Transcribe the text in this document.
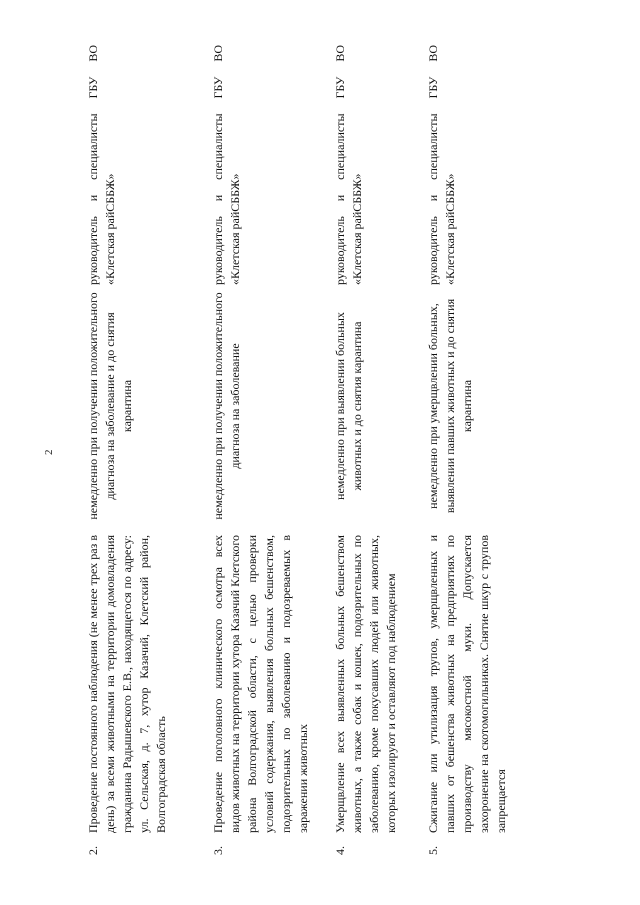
2
2.
Проведение постоянного наблюдения (не менее трех раз в день) за всеми животными на территории домовладения гражданина Радышевского Е.В., находящегося по адресу: ул. Сельская, д. 7, хутор Казачий, Клетский район, Волгоградская область
немедленно при получении положительного диагноза на заболевание и до снятия карантина
руководитель и специалисты ГБУ ВО «Клетская райСББЖ»
3.
Проведение поголовного клинического осмотра всех видов животных на территории хутора Казачий Клетского района Волгоградской области, с целью проверки условий содержания, выявления больных бешенством, подозрительных по заболеванию и подозреваемых в заражении животных
немедленно при получении положительного диагноза на заболевание
руководитель и специалисты ГБУ ВО «Клетская райСББЖ»
4.
Умерщвление всех выявленных больных бешенством животных, а также собак и кошек, подозрительных по заболеванию, кроме покусавших людей или животных, которых изолируют и оставляют под наблюдением
немедленно при выявлении больных животных и до снятия карантина
руководитель и специалисты ГБУ ВО «Клетская райСББЖ»
5.
Сжигание или утилизация трупов, умерщвленных и павших от бешенства животных на предприятиях по производству мясокостной муки. Допускается захоронение на скотомогильниках. Снятие шкур с трупов запрещается
немедленно при умерщвлении больных, выявлении павших животных и до снятия карантина
руководитель и специалисты ГБУ ВО «Клетская райСББЖ»
